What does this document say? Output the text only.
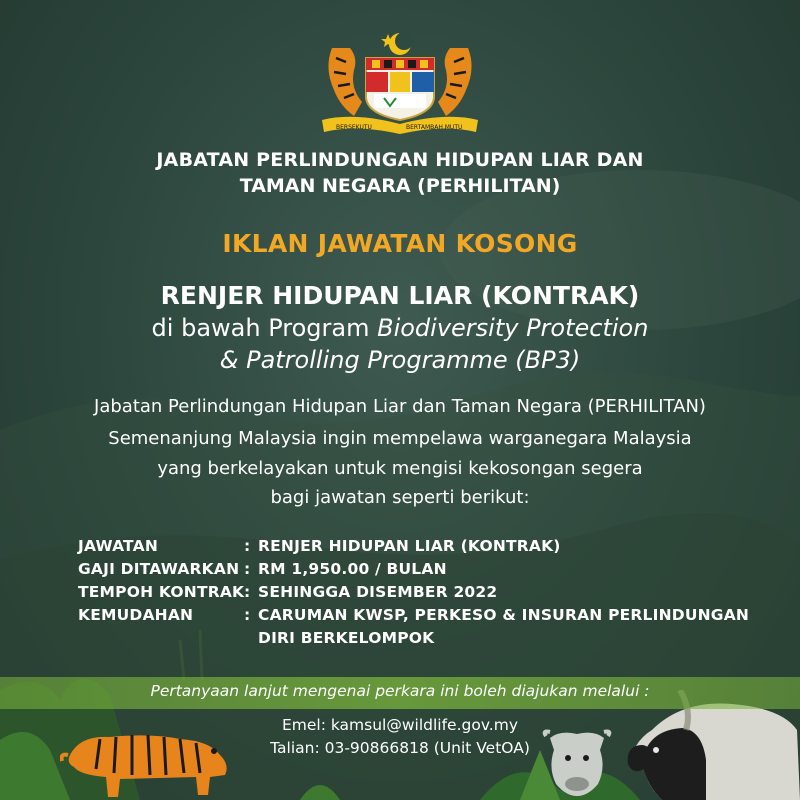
BERSEKUTU	BERTAMBAH MUTU
JABATAN PERLINDUNGAN HIDUPAN LIAR DAN
TAMAN NEGARA (PERHILITAN)
IKLAN JAWATAN KOSONG
RENJER HIDUPAN LIAR (KONTRAK)
di bawah Program Biodiversity Protection
& Patrolling Programme (BP3)
Jabatan Perlindungan Hidupan Liar dan Taman Negara (PERHILITAN)
Semenanjung Malaysia ingin mempelawa warganegara Malaysia
yang berkelayakan untuk mengisi kekosongan segera
bagi jawatan seperti berikut:
JAWATAN	: RENJER HIDUPAN LIAR (KONTRAK)
GAJI DITAWARKAN : RM 1,950.00 / BULAN
TEMPOH KONTRAK : SEHINGGA DISEMBER 2022
KEMUDAHAN	: CARUMAN KWSP, PERKESO & INSURAN PERLINDUNGAN
DIRI BERKELOMPOK
Pertanyaan lanjut mengenai perkara ini boleh diajukan melalui :
Emel: kamsul@wildlife.gov.my
Talian: 03-90866818 (Unit VetOA)
